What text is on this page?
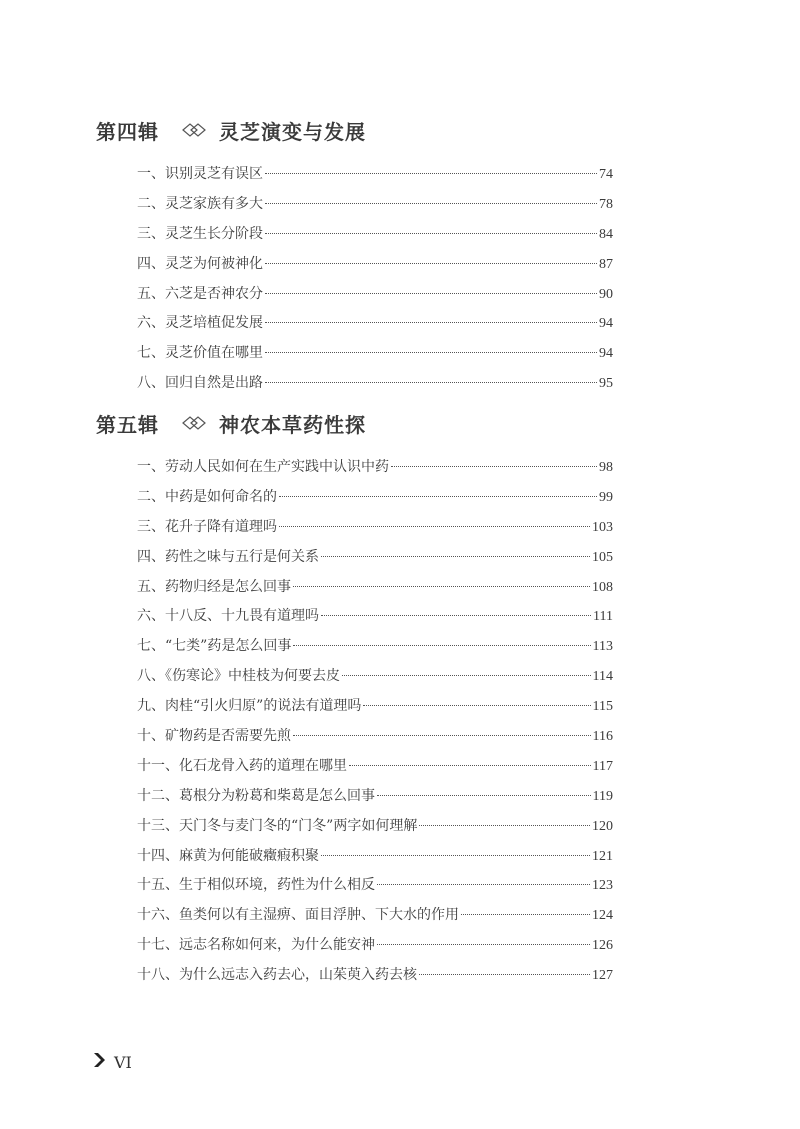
第四辑	灵芝演变与发展
一、识别灵芝有误区	74
二、灵芝家族有多大	78
三、灵芝生长分阶段	84
四、灵芝为何被神化	87
五、六芝是否神农分	90
六、灵芝培植促发展	94
七、灵芝价值在哪里	94
八、回归自然是出路	95
第五辑	神农本草药性探
一、劳动人民如何在生产实践中认识中药	98
二、中药是如何命名的	99
三、花升子降有道理吗	103
四、药性之味与五行是何关系	105
五、药物归经是怎么回事	108
六、十八反、十九畏有道理吗	111
七、“七类”药是怎么回事	113
八、《伤寒论》中桂枝为何要去皮	114
九、肉桂“引火归原”的说法有道理吗	115
十、矿物药是否需要先煎	116
十一、化石龙骨入药的道理在哪里	117
十二、葛根分为粉葛和柴葛是怎么回事	119
十三、天门冬与麦门冬的“门冬”两字如何理解	120
十四、麻黄为何能破癥瘕积聚	121
十五、生于相似环境，药性为什么相反	123
十六、鱼类何以有主湿痹、面目浮肿、下大水的作用	124
十七、远志名称如何来，为什么能安神	126
十八、为什么远志入药去心，山茱萸入药去核	127
VI
